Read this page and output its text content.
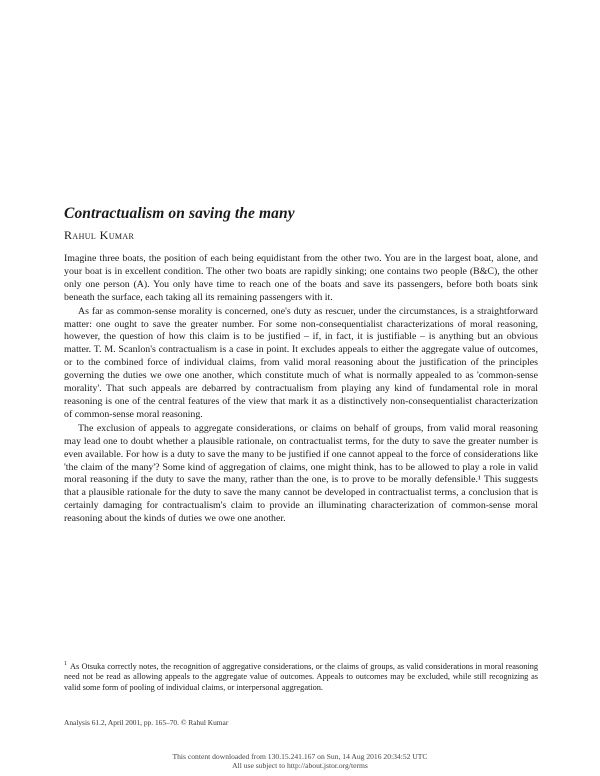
Contractualism on saving the many
Rahul Kumar

Imagine three boats, the position of each being equidistant from the other two. You are in the largest boat, alone, and your boat is in excellent condition. The other two boats are rapidly sinking; one contains two people (B&C), the other only one person (A). You only have time to reach one of the boats and save its passengers, before both boats sink beneath the surface, each taking all its remaining passengers with it.

As far as common-sense morality is concerned, one's duty as rescuer, under the circumstances, is a straightforward matter: one ought to save the greater number. For some non-consequentialist characterizations of moral reasoning, however, the question of how this claim is to be justified – if, in fact, it is justifiable – is anything but an obvious matter. T. M. Scanlon's contractualism is a case in point. It excludes appeals to either the aggregate value of outcomes, or to the combined force of individual claims, from valid moral reasoning about the justification of the principles governing the duties we owe one another, which constitute much of what is normally appealed to as 'common-sense morality'. That such appeals are debarred by contractualism from playing any kind of fundamental role in moral reasoning is one of the central features of the view that mark it as a distinctively non-consequentialist characterization of common-sense moral reasoning.

The exclusion of appeals to aggregate considerations, or claims on behalf of groups, from valid moral reasoning may lead one to doubt whether a plausible rationale, on contractualist terms, for the duty to save the greater number is even available. For how is a duty to save the many to be justified if one cannot appeal to the force of considerations like 'the claim of the many'? Some kind of aggregation of claims, one might think, has to be allowed to play a role in valid moral reasoning if the duty to save the many, rather than the one, is to prove to be morally defensible.¹ This suggests that a plausible rationale for the duty to save the many cannot be developed in contractualist terms, a conclusion that is certainly damaging for contractualism's claim to provide an illuminating characterization of common-sense moral reasoning about the kinds of duties we owe one another.

$^1$ As Otsuka correctly notes, the recognition of aggregative considerations, or the claims of groups, as valid considerations in moral reasoning need not be read as allowing appeals to the aggregate value of outcomes. Appeals to outcomes may be excluded, while still recognizing as valid some form of pooling of individual claims, or interpersonal aggregation.
Analysis 61.2, April 2001, pp. 165–70. © Rahul Kumar
This content downloaded from 130.15.241.167 on Sun, 14 Aug 2016 20:34:52 UTC
All use subject to http://about.jstor.org/terms
